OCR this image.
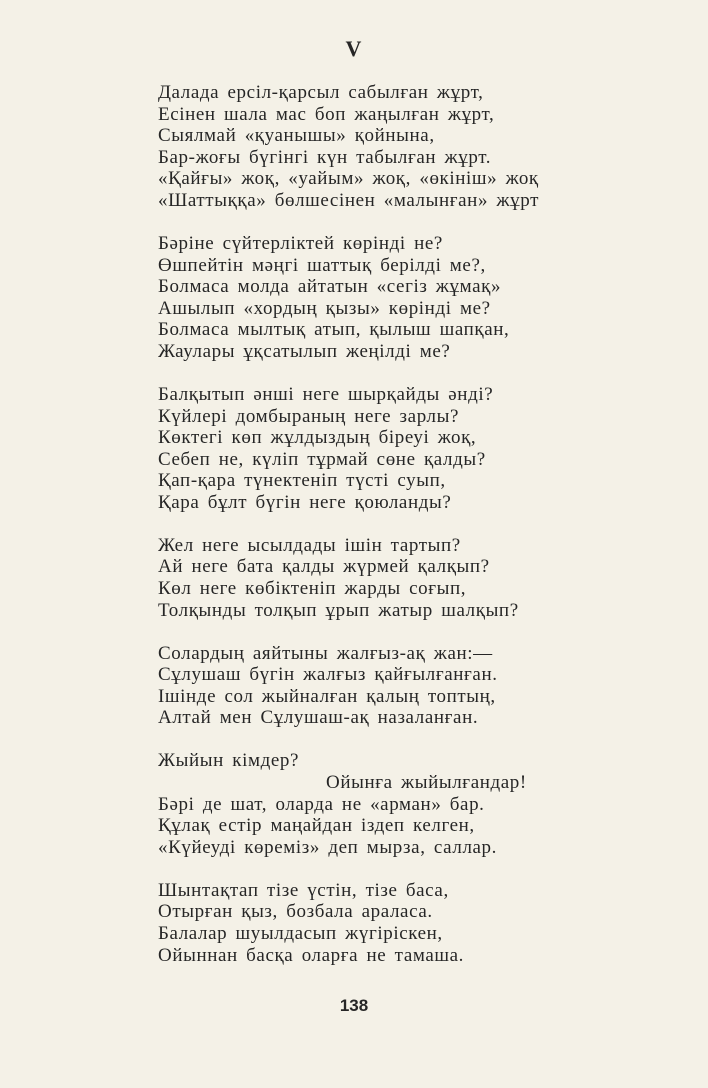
V
Далада ерсіл-қарсыл сабылған жұрт,
Есінен шала мас боп жаңылған жұрт,
Сыялмай «қуанышы» қойнына,
Бар-жоғы бүгінгі күн табылған жұрт.
«Қайғы» жоқ, «уайым» жоқ, «өкініш» жоқ
«Шаттыққа» бөлшесінен «малынған» жұрт
Бәріне сүйтерліктей көрінді не?
Өшпейтін мәңгі шаттық берілді ме?,
Болмаса молда айтатын «сегіз жұмақ»
Ашылып «хордың қызы» көрінді ме?
Болмаса мылтық атып, қылыш шапқан,
Жаулары ұқсатылып жеңілді ме?
Балқытып әнші неге шырқайды әнді?
Күйлері домбыраның неге зарлы?
Көктегі көп жұлдыздың біреуі жоқ,
Себеп не, күліп тұрмай сөне қалды?
Қап-қара түнектеніп түсті суып,
Қара бұлт бүгін неге қоюланды?
Жел неге ысылдады ішін тартып?
Ай неге бата қалды жүрмей қалқып?
Көл неге көбіктеніп жарды соғып,
Толқынды толқып ұрып жатыр шалқып?
Солардың аяйтыны жалғыз-ақ жан:—
Сұлушаш бүгін жалғыз қайғылғанған.
Ішінде сол жыйналған қалың топтың,
Алтай мен Сұлушаш-ақ назаланған.
Жыйын кімдер?
Ойынға жыйылғандар!
Бәрі де шат, оларда не «арман» бар.
Құлақ естір маңайдан іздеп келген,
«Күйеуді көреміз» деп мырза, саллар.
Шынтақтап тізе үстін, тізе баса,
Отырған қыз, бозбала араласа.
Балалар шуылдасып жүгіріскен,
Ойыннан басқа оларға не тамаша.
138
